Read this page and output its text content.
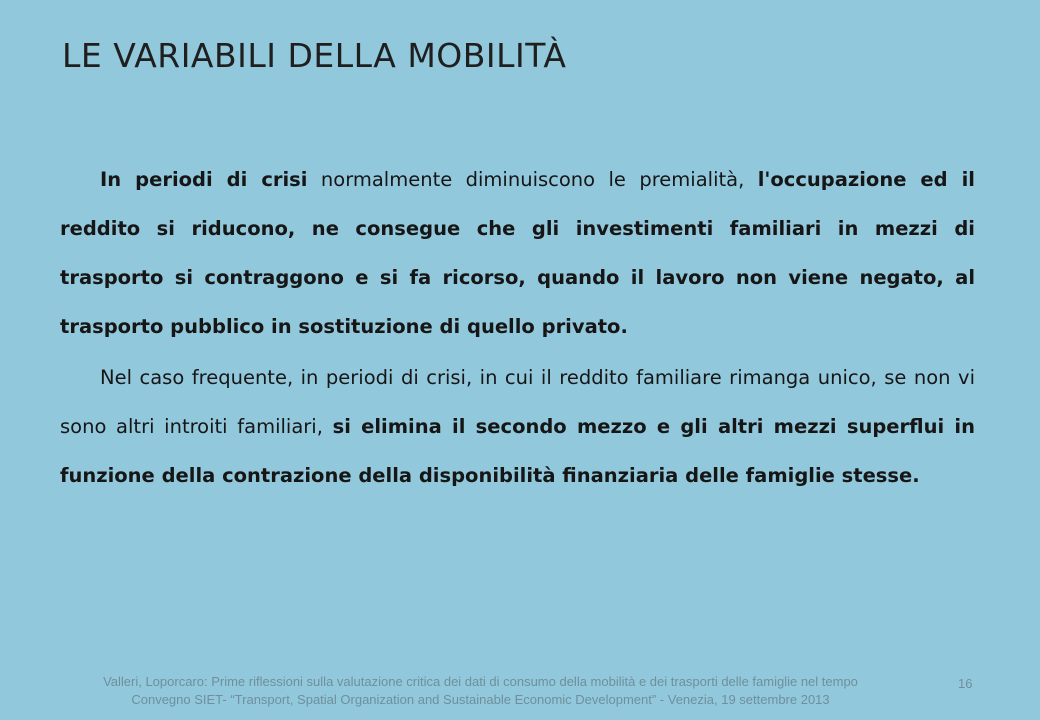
LE VARIABILI DELLA MOBILITÀ

In periodi di crisi normalmente diminuiscono le premialità, l'occupazione ed il reddito si riducono, ne consegue che gli investimenti familiari in mezzi di trasporto si contraggono e si fa ricorso, quando il lavoro non viene negato, al trasporto pubblico in sostituzione di quello privato.

Nel caso frequente, in periodi di crisi, in cui il reddito familiare rimanga unico, se non vi sono altri introiti familiari, si elimina il secondo mezzo e gli altri mezzi superflui in funzione della contrazione della disponibilità finanziaria delle famiglie stesse.

Valleri, Loporcaro: Prime riflessioni sulla valutazione critica dei dati di consumo della mobilità e dei trasporti delle famiglie nel tempo
Convegno SIET- “Transport, Spatial Organization and Sustainable Economic Development” - Venezia, 19 settembre 2013
16
